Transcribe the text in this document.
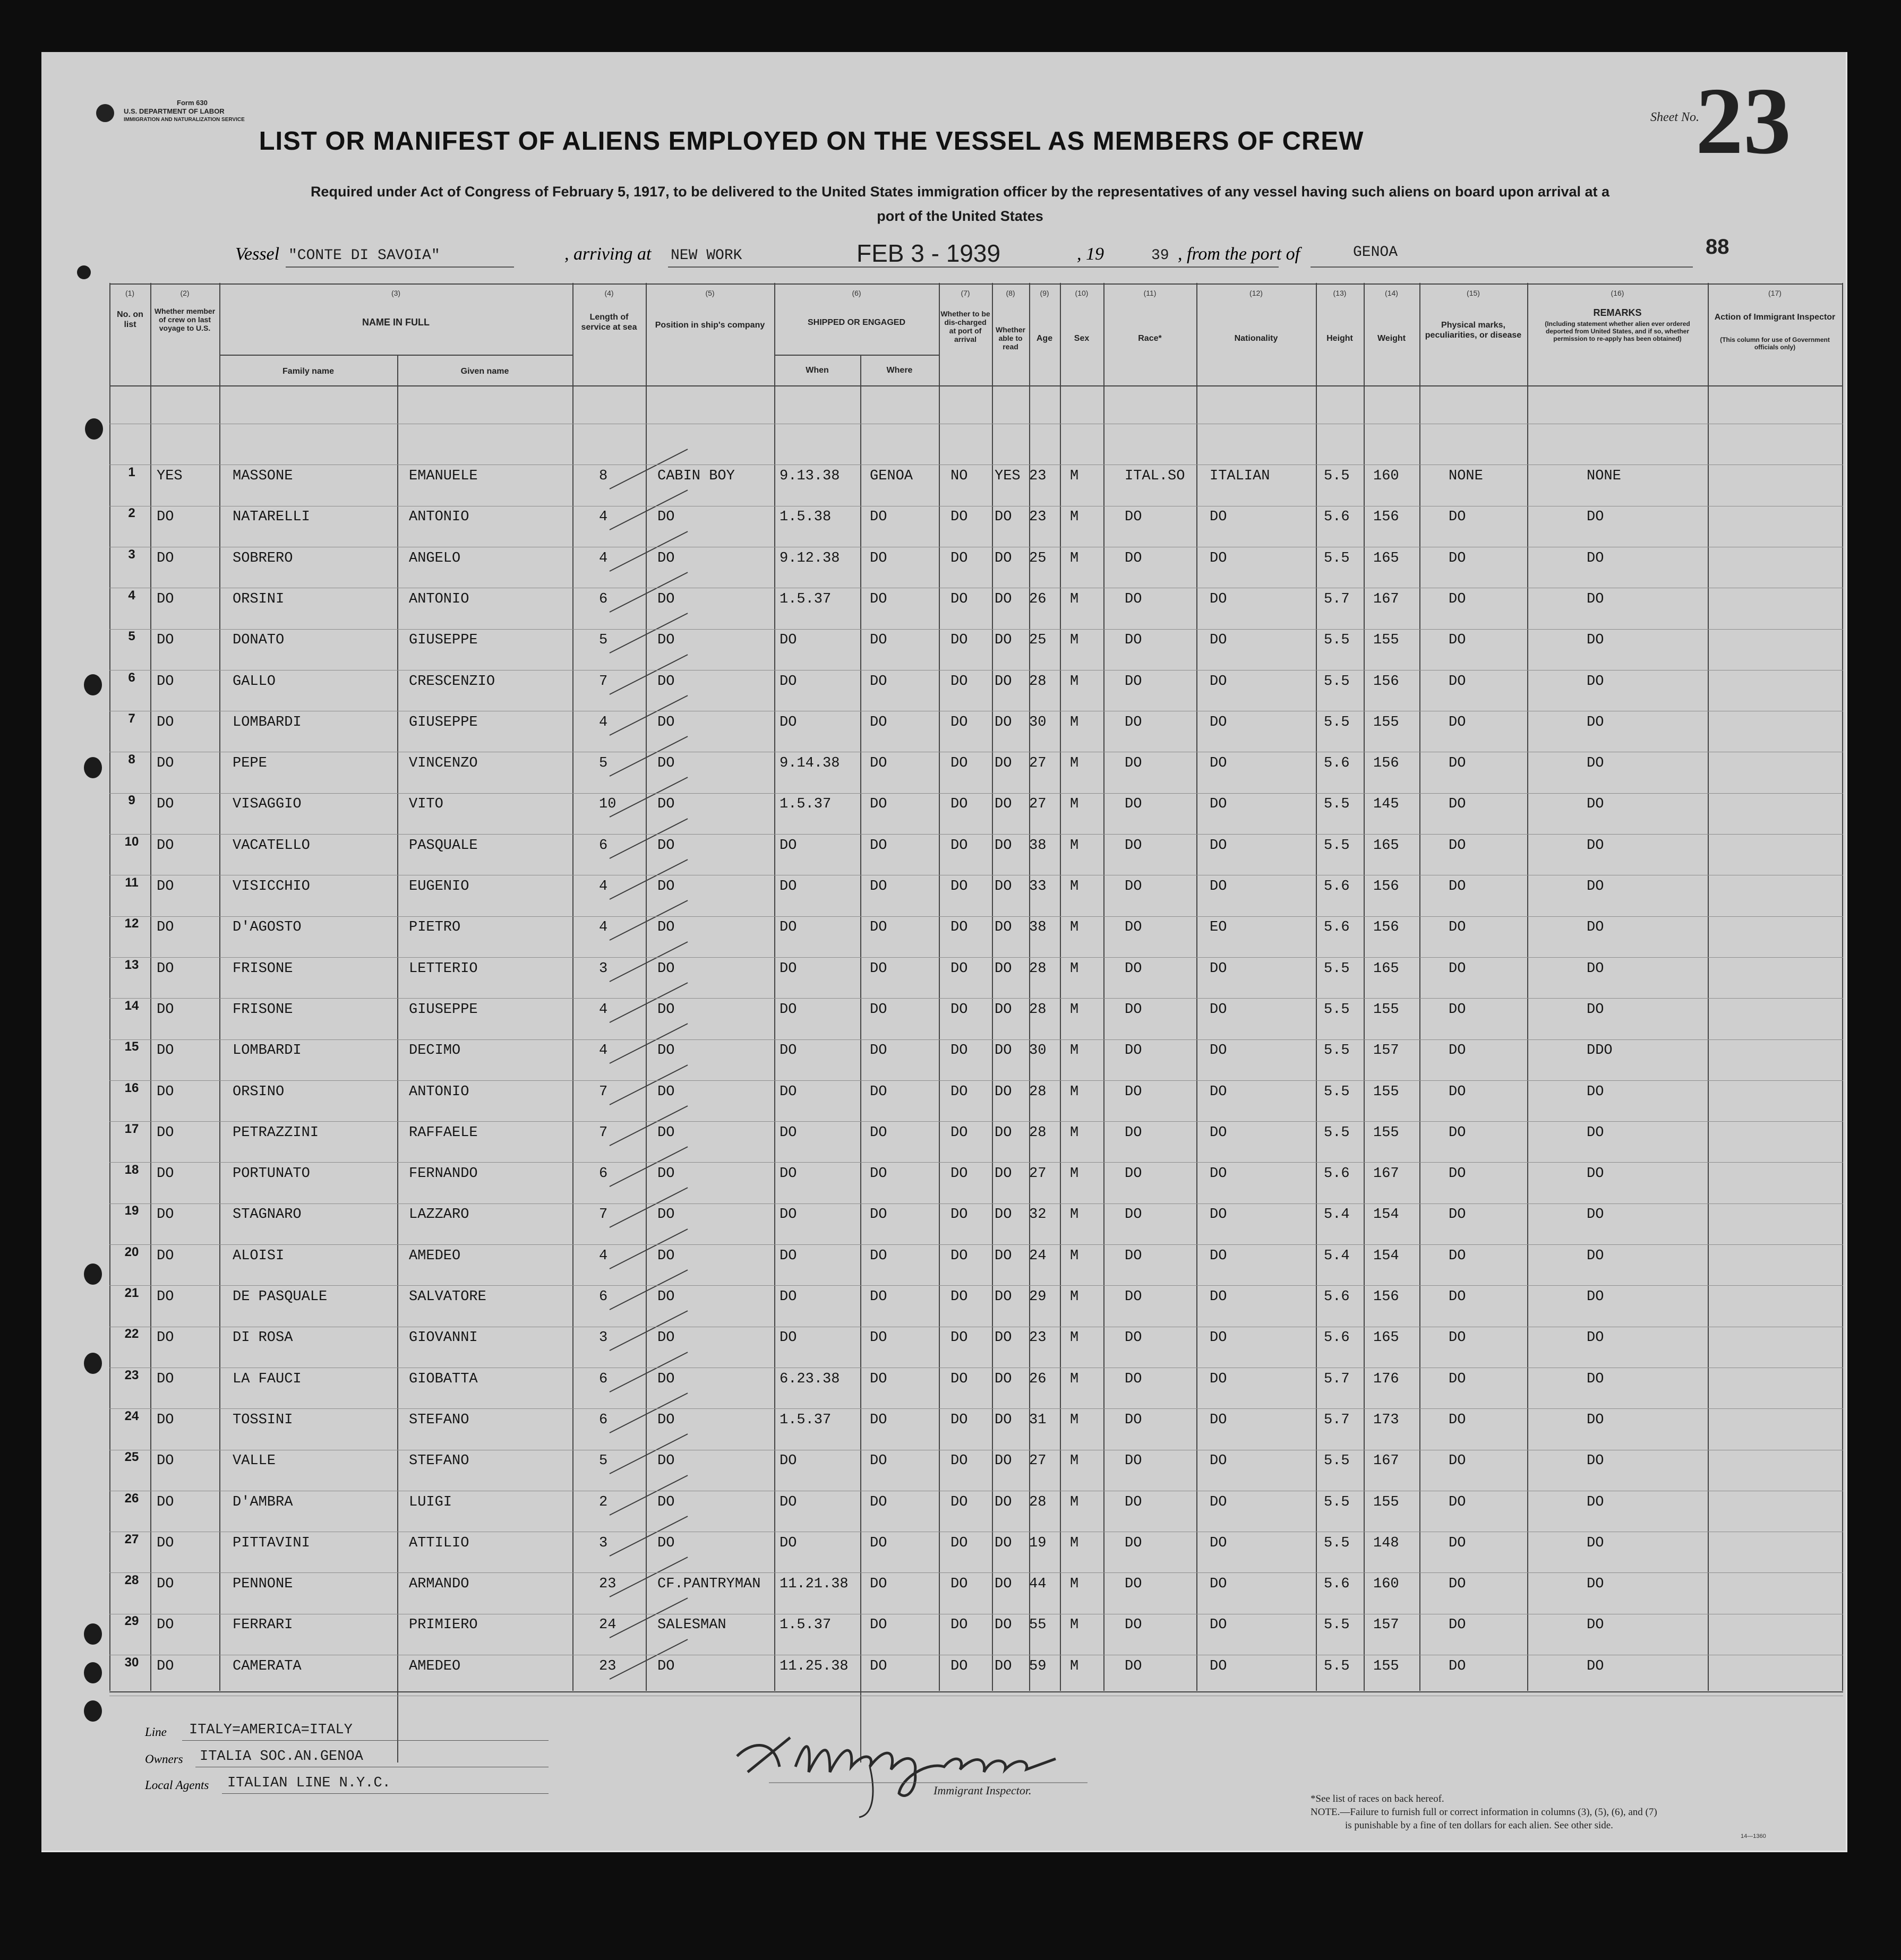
Form 630
U.S. DEPARTMENT OF LABOR
IMMIGRATION AND NATURALIZATION SERVICE
LIST OR MANIFEST OF ALIENS EMPLOYED ON THE VESSEL AS MEMBERS OF CREW
Sheet No.
23
Required under Act of Congress of February 5, 1917, to be delivered to the United States immigration officer by the representatives of any vessel having such aliens on board upon arrival at a
port of the United States
Vessel "CONTE DI SAVOIA"	, arriving at NEW WORK	FEB 3 - 1939	, 19	39 , from the port of	GENOA	88
(1)	(2)	(3)	(4)	(5)	(6)	(7)	(8)	(9)	(10)	(11)	(12)	(13)	(14)	(15)	(16)	(17)
No. on list
Whether member of crew on last voyage to U.S.
NAME IN FULL
Family name	Given name
Length of service at sea	Position in ship's company	SHIPPED OR ENGAGED
When	Where
Whether to be dis-charged at port of arrival
Whether able to read
Age	Sex	Race*	Nationality	Height	Weight
Physical marks, peculiarities, or disease
REMARKS
(Including statement whether alien ever ordered deported from United States, and if so, whether permission to re-apply has been obtained)
Action of Immigrant Inspector
(This column for use of Government officials only)
1	YES	MASSONE	EMANUELE	8	CABIN BOY	9.13.38 GENOA	NO YES 23 M	ITAL.SO ITALIAN	5.5 160	NONE	NONE
2	DO	NATARELLI	ANTONIO	4	DO	1.5.38	DO	DO DO 23 M	DO	DO	5.6 156	DO	DO
3	DO	SOBRERO	ANGELO	4	DO	9.12.38 DO	DO DO 25 M	DO	DO	5.5 165	DO	DO
4	DO	ORSINI	ANTONIO	6	DO	1.5.37	DO	DO DO 26 M	DO	DO	5.7 167	DO	DO
5	DO	DONATO	GIUSEPPE	5	DO	DO	DO	DO DO 25 M	DO	DO	5.5 155	DO	DO
6	DO	GALLO	CRESCENZIO	7	DO	DO	DO	DO DO 28 M	DO	DO	5.5 156	DO	DO
7	DO	LOMBARDI	GIUSEPPE	4	DO	DO	DO	DO DO 30 M	DO	DO	5.5 155	DO	DO
8	DO	PEPE	VINCENZO	5	DO	9.14.38 DO	DO DO 27 M	DO	DO	5.6 156	DO	DO
9	DO	VISAGGIO	VITO	10	DO	1.5.37	DO	DO DO 27 M	DO	DO	5.5 145	DO	DO
10	DO	VACATELLO	PASQUALE	6	DO	DO	DO	DO DO 38 M	DO	DO	5.5 165	DO	DO
11	DO	VISICCHIO	EUGENIO	4	DO	DO	DO	DO DO 33 M	DO	DO	5.6 156	DO	DO
12	DO	D'AGOSTO	PIETRO	4	DO	DO	DO	DO DO 38 M	DO	EO	5.6 156	DO	DO
13	DO	FRISONE	LETTERIO	3	DO	DO	DO	DO DO 28 M	DO	DO	5.5 165	DO	DO
14	DO	FRISONE	GIUSEPPE	4	DO	DO	DO	DO DO 28 M	DO	DO	5.5 155	DO	DO
15	DO	LOMBARDI	DECIMO	4	DO	DO	DO	DO DO 30 M	DO	DO	5.5 157	DO	DDO
16	DO	ORSINO	ANTONIO	7	DO	DO	DO	DO DO 28 M	DO	DO	5.5 155	DO	DO
17	DO	PETRAZZINI	RAFFAELE	7	DO	DO	DO	DO DO 28 M	DO	DO	5.5 155	DO	DO
18	DO	PORTUNATO	FERNANDO	6	DO	DO	DO	DO DO 27 M	DO	DO	5.6 167	DO	DO
19	DO	STAGNARO	LAZZARO	7	DO	DO	DO	DO DO 32 M	DO	DO	5.4 154	DO	DO
20	DO	ALOISI	AMEDEO	4	DO	DO	DO	DO DO 24 M	DO	DO	5.4 154	DO	DO
21	DO	DE PASQUALE	SALVATORE	6	DO	DO	DO	DO DO 29 M	DO	DO	5.6 156	DO	DO
22	DO	DI ROSA	GIOVANNI	3	DO	DO	DO	DO DO 23 M	DO	DO	5.6 165	DO	DO
23	DO	LA FAUCI	GIOBATTA	6	DO	6.23.38 DO	DO DO 26 M	DO	DO	5.7 176	DO	DO
24	DO	TOSSINI	STEFANO	6	DO	1.5.37	DO	DO DO 31 M	DO	DO	5.7 173	DO	DO
25	DO	VALLE	STEFANO	5	DO	DO	DO	DO DO 27 M	DO	DO	5.5 167	DO	DO
26	DO	D'AMBRA	LUIGI	2	DO	DO	DO	DO DO 28 M	DO	DO	5.5 155	DO	DO
27	DO	PITTAVINI	ATTILIO	3	DO	DO	DO	DO DO 19 M	DO	DO	5.5 148	DO	DO
28	DO	PENNONE	ARMANDO	23	CF.PANTRYMAN 11.21.38 DO	DO DO 44 M	DO	DO	5.6 160	DO	DO
29	DO	FERRARI	PRIMIERO	24	SALESMAN	1.5.37	DO	DO DO 55 M	DO	DO	5.5 157	DO	DO
30	DO	CAMERATA	AMEDEO	23	DO	11.25.38 DO	DO DO 59 M	DO	DO	5.5 155	DO	DO
Line ITALY=AMERICA=ITALY
Owners ITALIA SOC.AN.GENOA
Local Agents ITALIAN LINE N.Y.C.	Immigrant Inspector.
*See list of races on back hereof.
NOTE.—Failure to furnish full or correct information in columns (3), (5), (6), and (7)
is punishable by a fine of ten dollars for each alien. See other side.
14—1360
